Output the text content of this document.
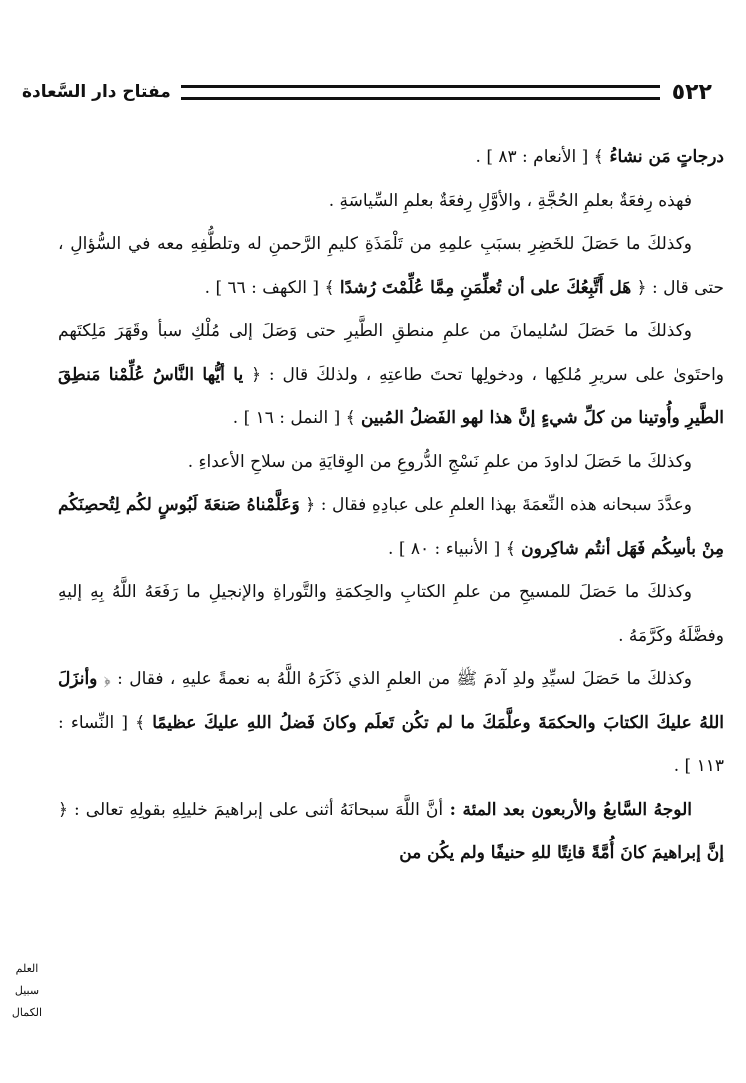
٥٢٢
مفتاح دار السَّعادة

درجاتٍ مَن نشاءُ ﴾ [ الأنعام : ٨٣ ] .

فهذه رِفعَةٌ بعلمِ الحُجَّةِ ، والأوَّلِ رِفعَةٌ بعلمِ السِّياسَةِ .

وكذلكَ ما حَصَلَ للخَضِرِ بسبَبِ علمِهِ من تَلْمَذَةِ كليمِ الرَّحمنِ له وتلطُّفِهِ معه في السُّؤالِ ، حتى قال : ﴿ هَل أَتَّبِعُكَ على أن تُعلِّمَنِ مِمَّا عُلِّمْتَ رُشدًا ﴾ [ الكهف : ٦٦ ] .

وكذلكَ ما حَصَلَ لسُليمانَ من علمِ منطقِ الطَّيرِ حتى وَصَلَ إلى مُلْكِ سبأ وقَهَرَ مَلِكتَهم واحتَوىٰ على سريرِ مُلكِها ، ودخولِها تحتَ طاعتِهِ ، ولذلكَ قال : ﴿ يا أيُّها النَّاسُ عُلِّمْنا مَنطِقَ الطَّيرِ وأُوتينا من كلِّ شيءٍ إنَّ هذا لهو الفَضلُ المُبين ﴾ [ النمل : ١٦ ] .

وكذلكَ ما حَصَلَ لداودَ من علمِ نَسْجِ الدُّروعِ من الوِقايَةِ من سلاحِ الأعداءِ .

وعدَّدَ سبحانه هذه النِّعمَةَ بهذا العلمِ على عبادِهِ فقال : ﴿ وَعَلَّمْناهُ صَنعَةَ لَبُوسٍ لكُم لِتُحصِنَكُم مِنْ بأسِكُم فَهَل أنتُم شاكِرون ﴾ [ الأنبياء : ٨٠ ] .

وكذلكَ ما حَصَلَ للمسيحِ من علمِ الكتابِ والحِكمَةِ والتَّوراةِ والإنجيلِ ما رَفَعَهُ اللَّهُ بِهِ إليهِ وفضَّلَهُ وكَرَّمَهُ .

وكذلكَ ما حَصَلَ لسيِّدِ ولدِ آدمَ ﷺ من العلمِ الذي ذَكَرَهُ اللَّهُ به نعمةً عليهِ ، فقال : ﴿ وأنزَلَ اللهُ عليكَ الكتابَ والحكمَةَ وعلَّمَكَ ما لم تكُن تَعلَم وكانَ فَضلُ اللهِ عليكَ عظيمًا ﴾ [ النِّساء : ١١٣ ] .

الوجهُ السَّابعُ والأربعون بعد المئة : أنَّ اللَّهَ سبحانَهُ أثنى على إبراهيمَ خليلِهِ بقولِهِ تعالى : ﴿ إنَّ إبراهيمَ كانَ أُمَّةً قانِتًا للهِ حنيفًا ولم يكُن من

العلم
سبيل
الكمال
